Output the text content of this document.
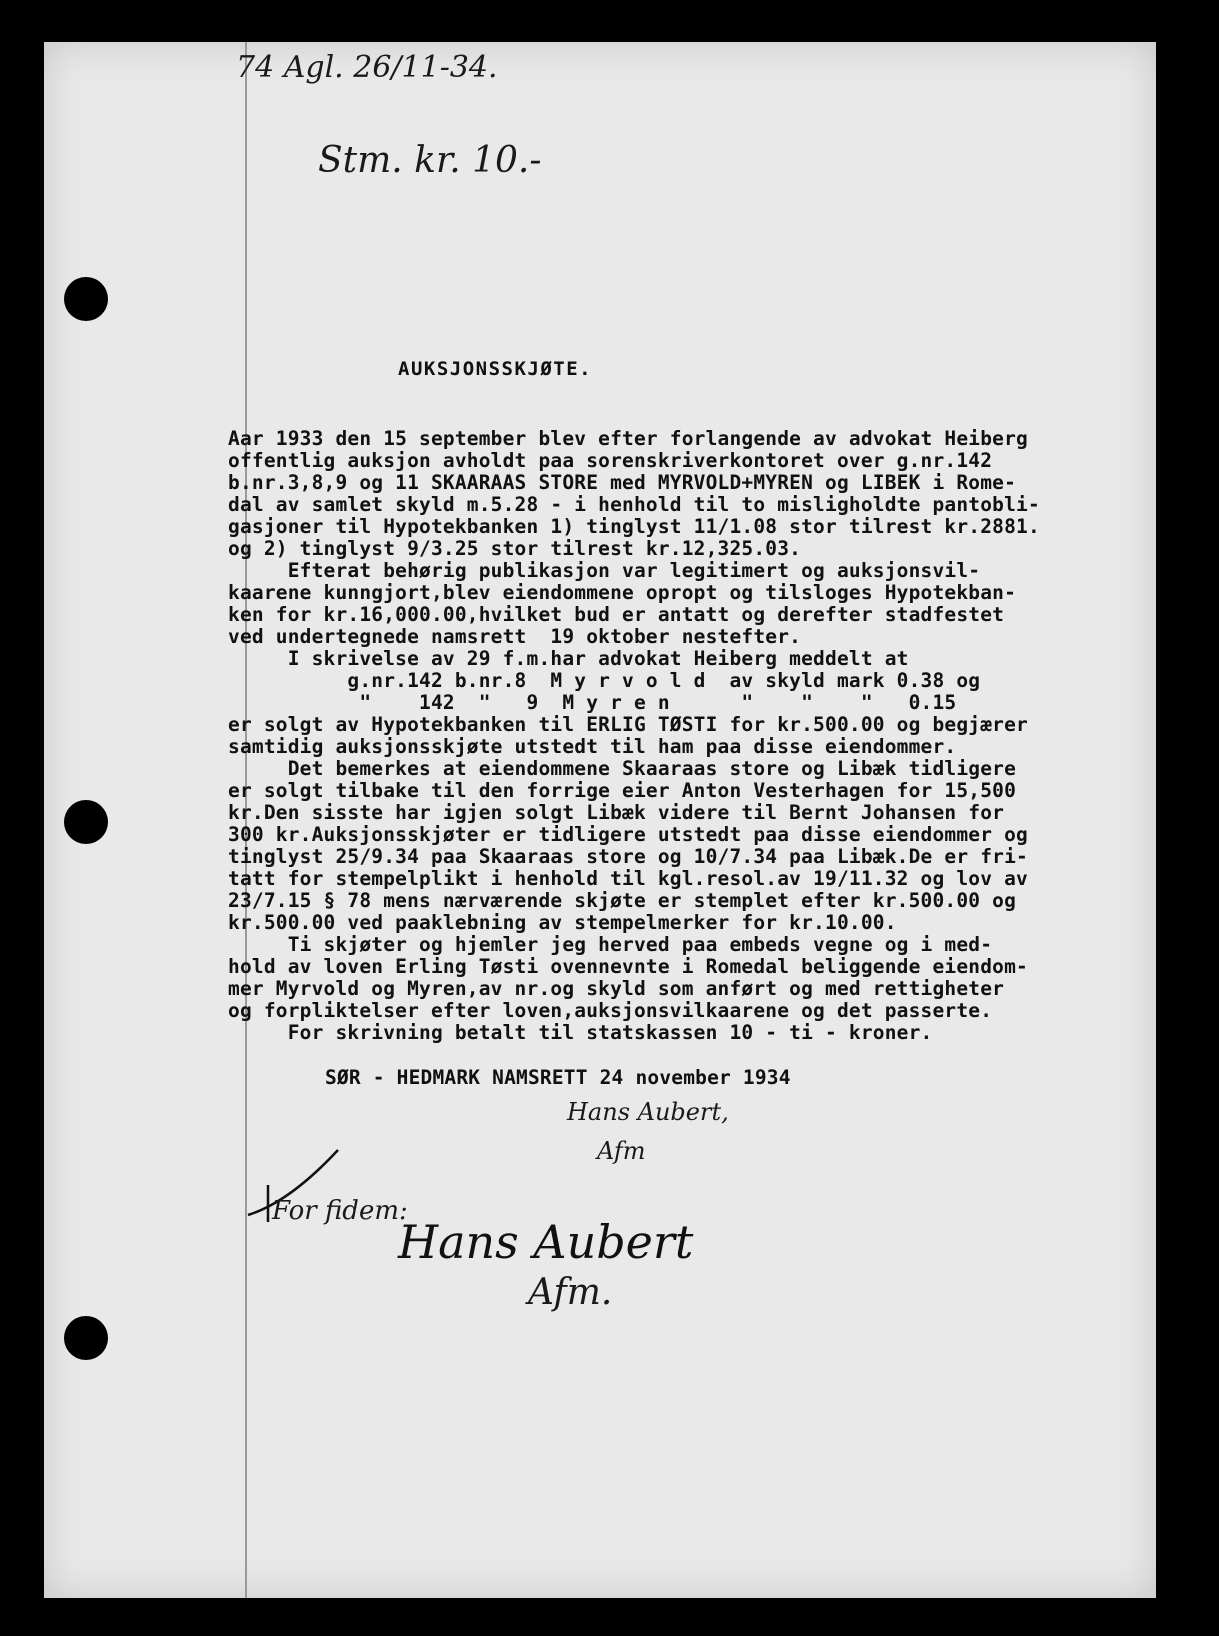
74 Agl. 26/11-34.
Stm. kr. 10.-
AUKSJONSSKJØTE.
Aar 1933 den 15 september blev efter forlangende av advokat Heiberg
offentlig auksjon avholdt paa sorenskriverkontoret over g.nr.142
b.nr.3,8,9 og 11 SKAARAAS STORE med MYRVOLD+MYREN og LIBEK i Rome-
dal av samlet skyld m.5.28 - i henhold til to misligholdte pantobli-
gasjoner til Hypotekbanken 1) tinglyst 11/1.08 stor tilrest kr.2881.
og 2) tinglyst 9/3.25 stor tilrest kr.12,325.03.
Efterat behørig publikasjon var legitimert og auksjonsvil-
kaarene kunngjort,blev eiendommene opropt og tilsloges Hypotekban-
ken for kr.16,000.00,hvilket bud er antatt og derefter stadfestet
ved undertegnede namsrett  19 oktober nestefter.
I skrivelse av 29 f.m.har advokat Heiberg meddelt at
g.nr.142 b.nr.8  M y r v o l d  av skyld mark 0.38 og
"    142  "   9  M y r e n      "    "    "   0.15
er solgt av Hypotekbanken til ERLIG TØSTI for kr.500.00 og begjærer
samtidig auksjonsskjøte utstedt til ham paa disse eiendommer.
Det bemerkes at eiendommene Skaaraas store og Libæk tidligere
er solgt tilbake til den forrige eier Anton Vesterhagen for 15,500
kr.Den sisste har igjen solgt Libæk videre til Bernt Johansen for
300 kr.Auksjonsskjøter er tidligere utstedt paa disse eiendommer og
tinglyst 25/9.34 paa Skaaraas store og 10/7.34 paa Libæk.De er fri-
tatt for stempelplikt i henhold til kgl.resol.av 19/11.32 og lov av
23/7.15 § 78 mens nærværende skjøte er stemplet efter kr.500.00 og
kr.500.00 ved paaklebning av stempelmerker for kr.10.00.
Ti skjøter og hjemler jeg herved paa embeds vegne og i med-
hold av loven Erling Tøsti ovennevnte i Romedal beliggende eiendom-
mer Myrvold og Myren,av nr.og skyld som anført og med rettigheter
og forpliktelser efter loven,auksjonsvilkaarene og det passerte.
For skrivning betalt til statskassen 10 - ti - kroner.
SØR - HEDMARK NAMSRETT 24 november 1934
Hans Aubert,
Afm
For fidem:
Hans Aubert
Afm.
